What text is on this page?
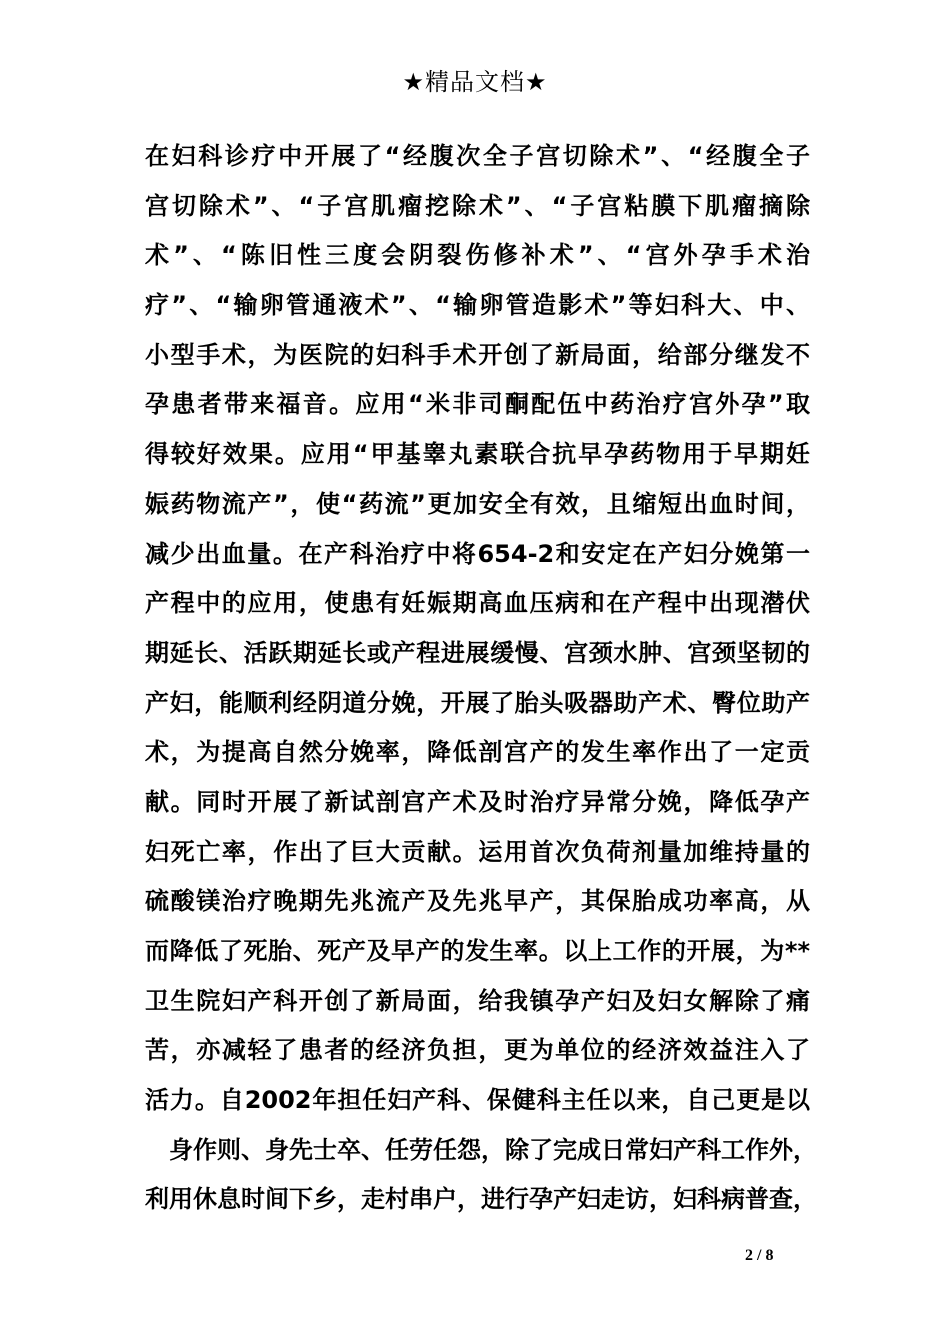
★精品文档★
在妇科诊疗中开展了“经腹次全子宫切除术”、“经腹全子
宫切除术”、“子宫肌瘤挖除术”、“子宫粘膜下肌瘤摘除
术”、“陈旧性三度会阴裂伤修补术”、“宫外孕手术治
疗”、“输卵管通液术”、“输卵管造影术”等妇科大、中、
小型手术，为医院的妇科手术开创了新局面，给部分继发不
孕患者带来福音。应用“米非司酮配伍中药治疗宫外孕”取
得较好效果。应用“甲基睾丸素联合抗早孕药物用于早期妊
娠药物流产”，使“药流”更加安全有效，且缩短出血时间，
减少出血量。在产科治疗中将654-2和安定在产妇分娩第一
产程中的应用，使患有妊娠期高血压病和在产程中出现潜伏
期延长、活跃期延长或产程进展缓慢、宫颈水肿、宫颈坚韧的
产妇，能顺利经阴道分娩，开展了胎头吸器助产术、臀位助产
术，为提高自然分娩率，降低剖宫产的发生率作出了一定贡
献。同时开展了新试剖宫产术及时治疗异常分娩，降低孕产
妇死亡率，作出了巨大贡献。运用首次负荷剂量加维持量的
硫酸镁治疗晚期先兆流产及先兆早产，其保胎成功率高，从
而降低了死胎、死产及早产的发生率。以上工作的开展，为**
卫生院妇产科开创了新局面，给我镇孕产妇及妇女解除了痛
苦，亦减轻了患者的经济负担，更为单位的经济效益注入了
活力。自2002年担任妇产科、保健科主任以来，自己更是以
身作则、身先士卒、任劳任怨，除了完成日常妇产科工作外，
利用休息时间下乡，走村串户，进行孕产妇走访，妇科病普查，
2 / 8
